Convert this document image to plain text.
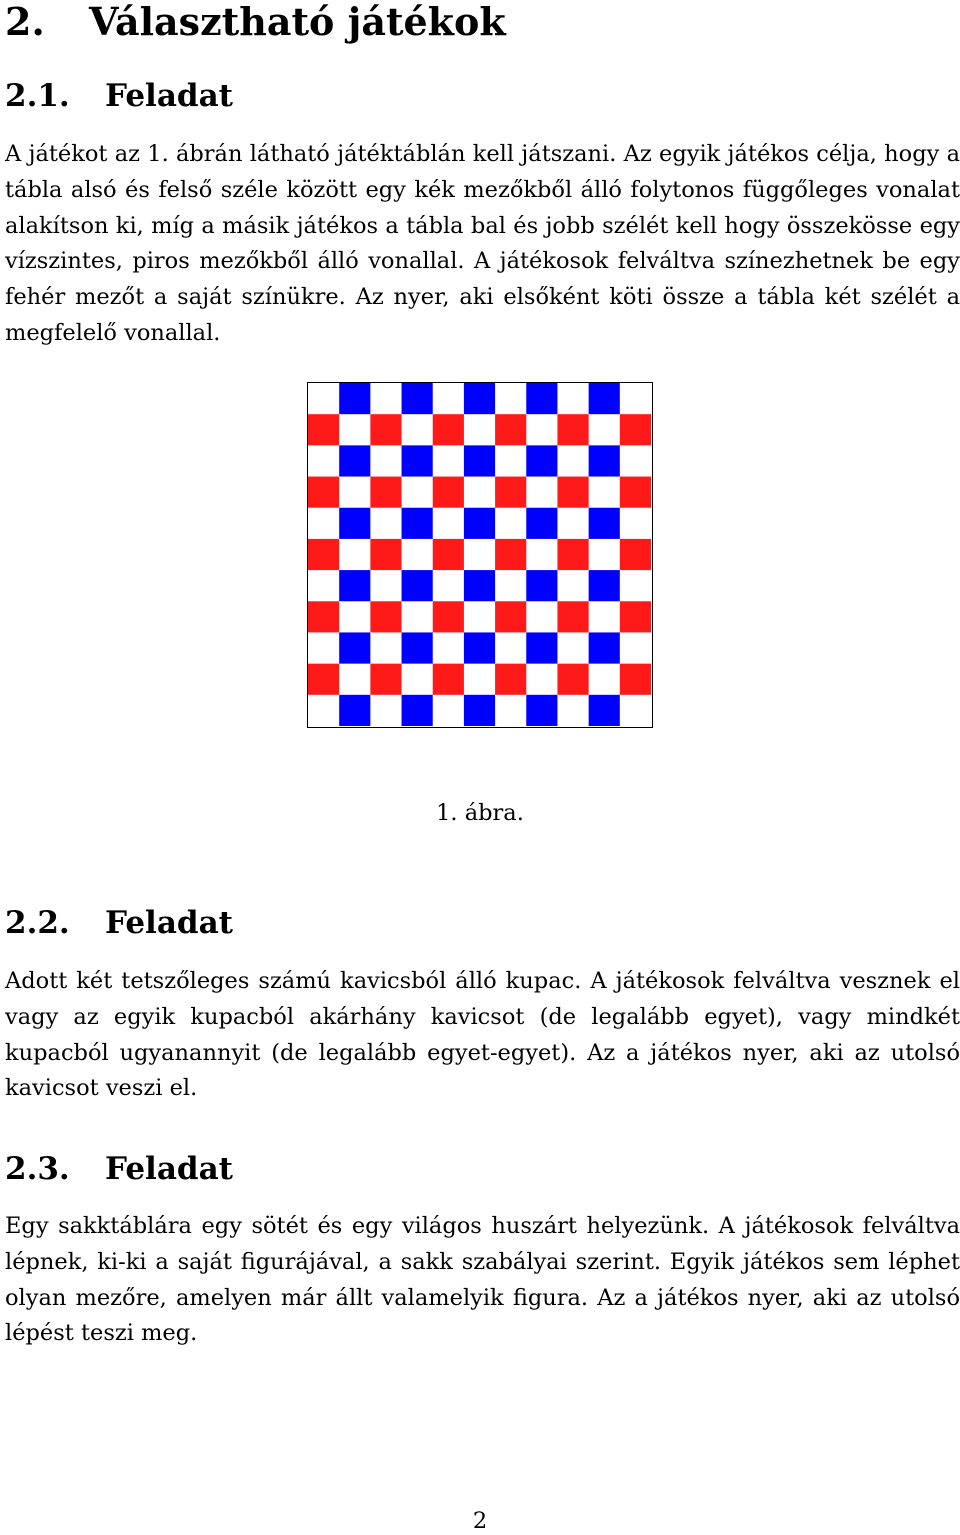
2. Választható játékok
2.1. Feladat

A játékot az 1. ábrán látható játéktáblán kell játszani. Az egyik játékos célja, hogy a tábla alsó és felső széle között egy kék mezőkből álló folytonos függőleges vonalat alakítson ki, míg a másik játékos a tábla bal és jobb szélét kell hogy összekösse egy vízszintes, piros mezőkből álló vonallal. A játékosok felváltva színezhetnek be egy fehér mezőt a saját színükre. Az nyer, aki elsőként köti össze a tábla két szélét a megfelelő vonallal.

1. ábra.
2.2. Feladat

Adott két tetszőleges számú kavicsból álló kupac. A játékosok felváltva vesznek el vagy az egyik kupacból akárhány kavicsot (de legalább egyet), vagy mindkét kupacból ugyanannyit (de legalább egyet-egyet). Az a játékos nyer, aki az utolsó kavicsot veszi el.

2.3. Feladat

Egy sakktáblára egy sötét és egy világos huszárt helyezünk. A játékosok felváltva lépnek, ki-ki a saját figurájával, a sakk szabályai szerint. Egyik játékos sem léphet olyan mezőre, amelyen már állt valamelyik figura. Az a játékos nyer, aki az utolsó lépést teszi meg.

2
